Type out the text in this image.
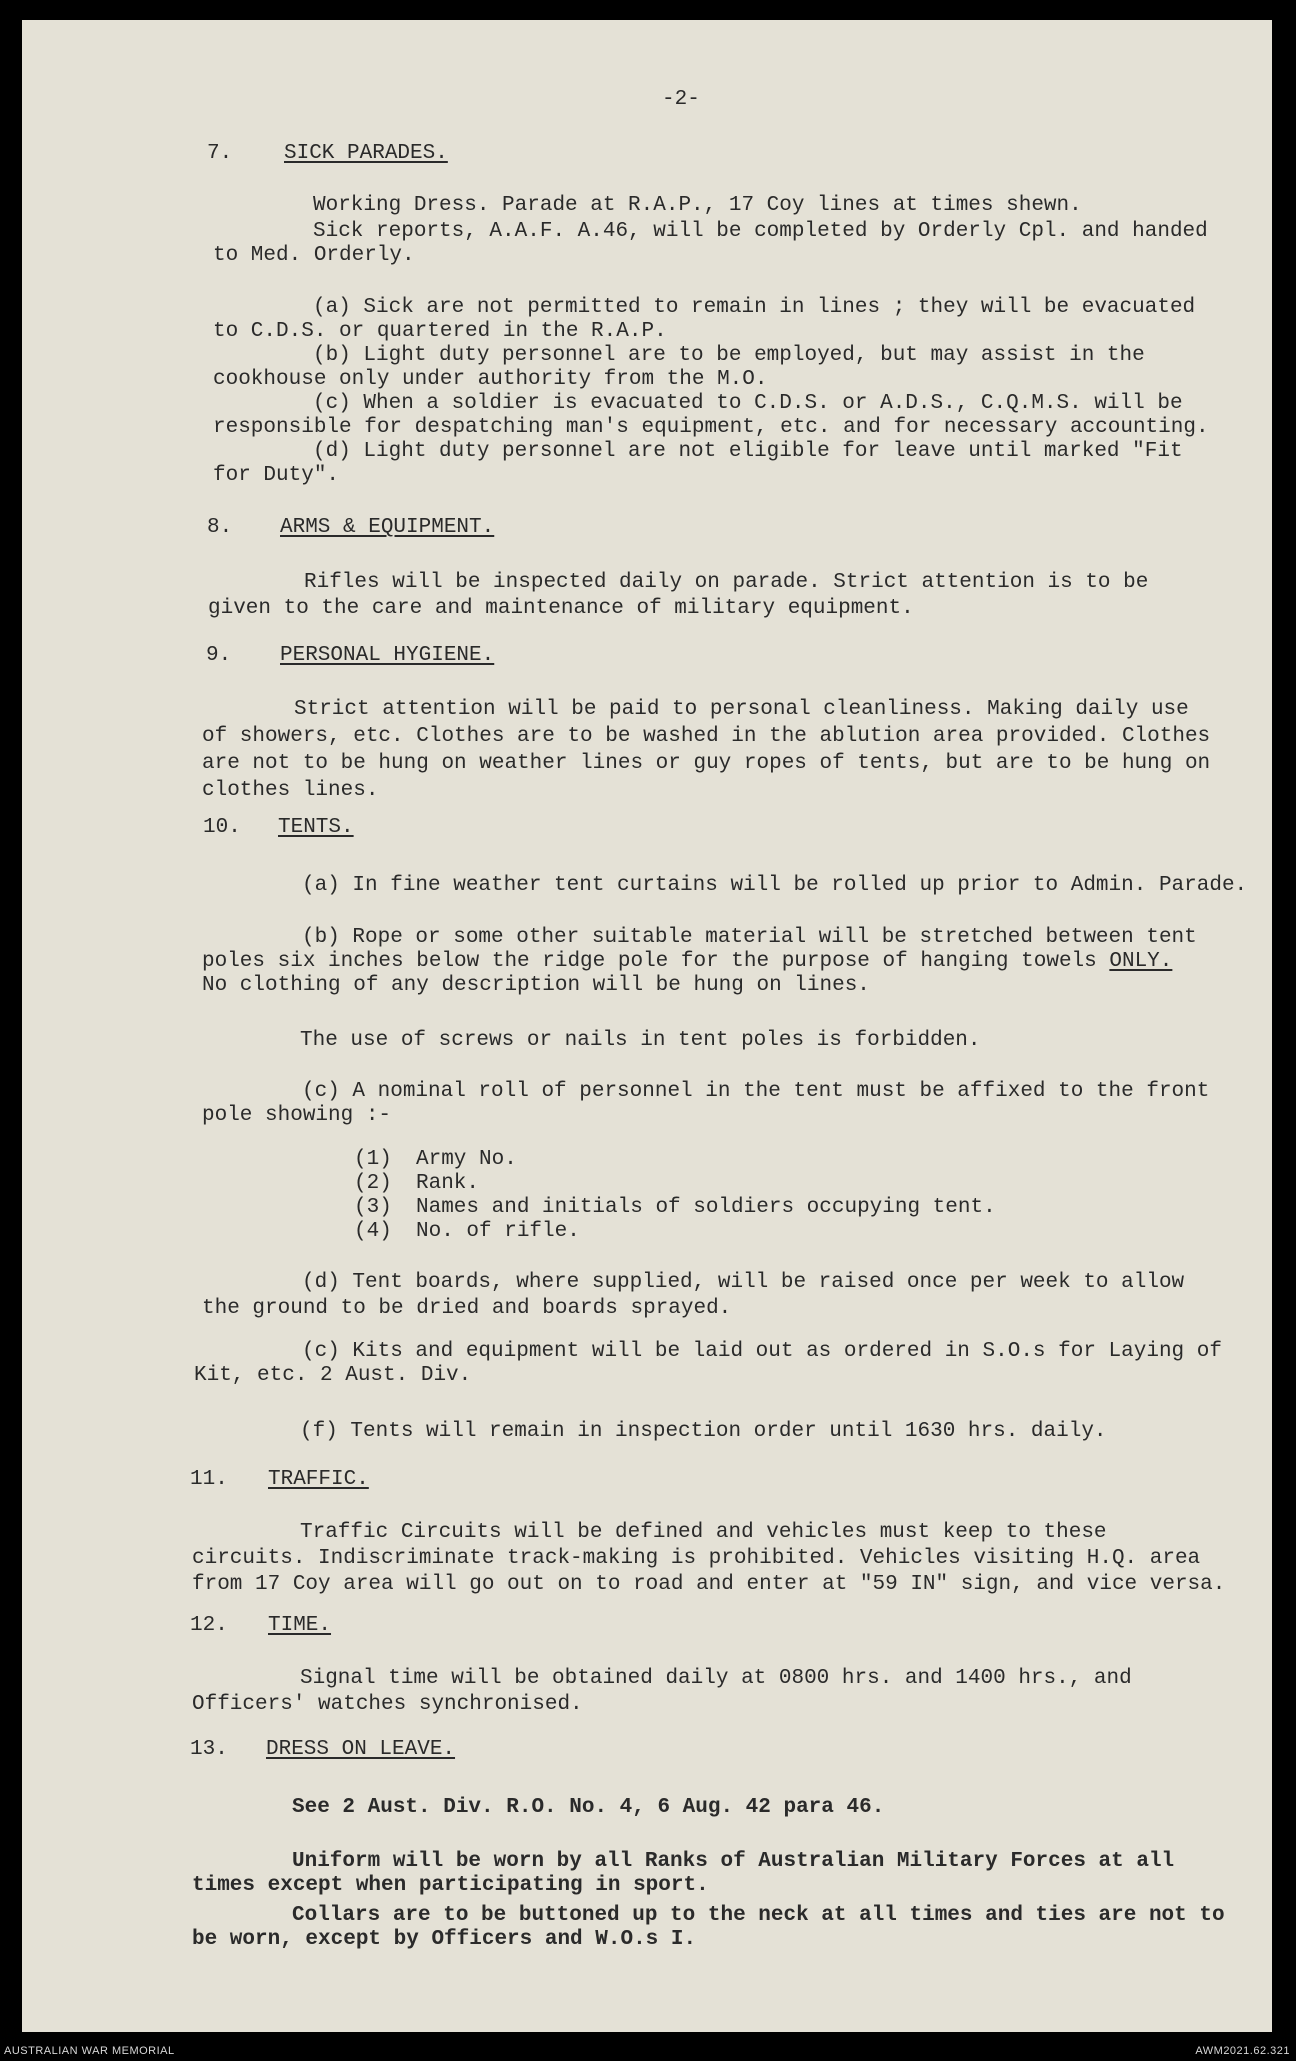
-2-
7. SICK PARADES.

Working Dress. Parade at R.A.P., 17 Coy lines at times shewn.

Sick reports, A.A.F. A.46, will be completed by Orderly Cpl. and handed to Med. Orderly.

(a) Sick are not permitted to remain in lines ; they will be evacuated to C.D.S. or quartered in the R.A.P.

(b) Light duty personnel are to be employed, but may assist in the cookhouse only under authority from the M.O.

(c) When a soldier is evacuated to C.D.S. or A.D.S., C.Q.M.S. will be responsible for despatching man's equipment, etc. and for necessary accounting.

(d) Light duty personnel are not eligible for leave until marked "Fit for Duty".

8. ARMS & EQUIPMENT.

Rifles will be inspected daily on parade. Strict attention is to be given to the care and maintenance of military equipment.

9. PERSONAL HYGIENE.

Strict attention will be paid to personal cleanliness. Making daily use of showers, etc. Clothes are to be washed in the ablution area provided. Clothes are not to be hung on weather lines or guy ropes of tents, but are to be hung on clothes lines.

10. TENTS.

(a) In fine weather tent curtains will be rolled up prior to Admin. Parade.

(b) Rope or some other suitable material will be stretched between tent poles six inches below the ridge pole for the purpose of hanging towels ONLY.
No clothing of any description will be hung on lines.

The use of screws or nails in tent poles is forbidden.

(c) A nominal roll of personnel in the tent must be affixed to the front pole showing :-

(1) Army No.
(2) Rank.
(3) Names and initials of soldiers occupying tent.
(4) No. of rifle.

(d) Tent boards, where supplied, will be raised once per week to allow the ground to be dried and boards sprayed.

(c) Kits and equipment will be laid out as ordered in S.O.s for Laying of Kit, etc. 2 Aust. Div.

(f) Tents will remain in inspection order until 1630 hrs. daily.

11. TRAFFIC.

Traffic Circuits will be defined and vehicles must keep to these circuits. Indiscriminate track-making is prohibited. Vehicles visiting H.Q. area from 17 Coy area will go out on to road and enter at "59 IN" sign, and vice versa.

12. TIME.

Signal time will be obtained daily at 0800 hrs. and 1400 hrs., and Officers' watches synchronised.

13. DRESS ON LEAVE.

See 2 Aust. Div. R.O. No. 4, 6 Aug. 42 para 46.

Uniform will be worn by all Ranks of Australian Military Forces at all times except when participating in sport.

Collars are to be buttoned up to the neck at all times and ties are not to be worn, except by Officers and W.O.s I.

AUSTRALIAN WAR MEMORIAL	AWM2021.62.321
